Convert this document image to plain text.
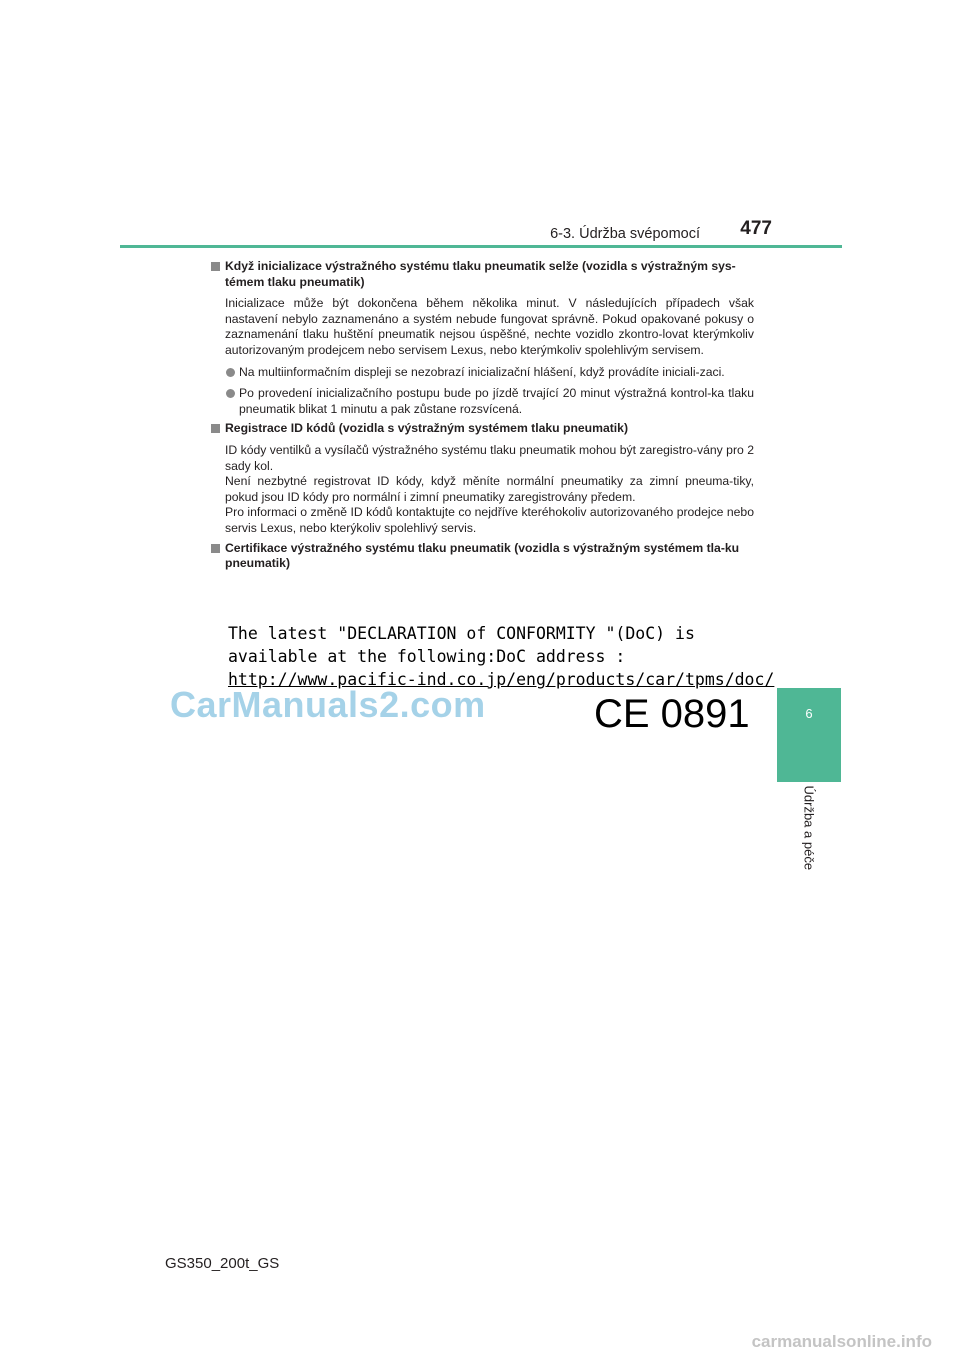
6-3. Údržba svépomocí 477
6
Údržba a péče
Když inicializace výstražného systému tlaku pneumatik selže (vozidla s výstražným sys-témem tlaku pneumatik)
Inicializace může být dokončena během několika minut. V následujících případech však nastavení nebylo zaznamenáno a systém nebude fungovat správně. Pokud opakované pokusy o zaznamenání tlaku huštění pneumatik nejsou úspěšné, nechte vozidlo zkontro-lovat kterýmkoliv autorizovaným prodejcem nebo servisem Lexus, nebo kterýmkoliv spolehlivým servisem.
Na multiinformačním displeji se nezobrazí inicializační hlášení, když provádíte iniciali-zaci.
Po provedení inicializačního postupu bude po jízdě trvající 20 minut výstražná kontrol-ka tlaku pneumatik blikat 1 minutu a pak zůstane rozsvícená.
Registrace ID kódů (vozidla s výstražným systémem tlaku pneumatik)
ID kódy ventilků a vysílačů výstražného systému tlaku pneumatik mohou být zaregistro-vány pro 2 sady kol.
Není nezbytné registrovat ID kódy, když měníte normální pneumatiky za zimní pneuma-tiky, pokud jsou ID kódy pro normální i zimní pneumatiky zaregistrovány předem.
Pro informaci o změně ID kódů kontaktujte co nejdříve kteréhokoliv autorizovaného prodejce nebo servis Lexus, nebo kterýkoliv spolehlivý servis.
Certifikace výstražného systému tlaku pneumatik (vozidla s výstražným systémem tla-ku pneumatik)
The latest "DECLARATION of CONFORMITY "(DoC) is
available at the following:DoC address :
http://www.pacific-ind.co.jp/eng/products/car/tpms/doc/
CarManuals2.com	CE 0891
GS350_200t_GS
carmanualsonline.info
